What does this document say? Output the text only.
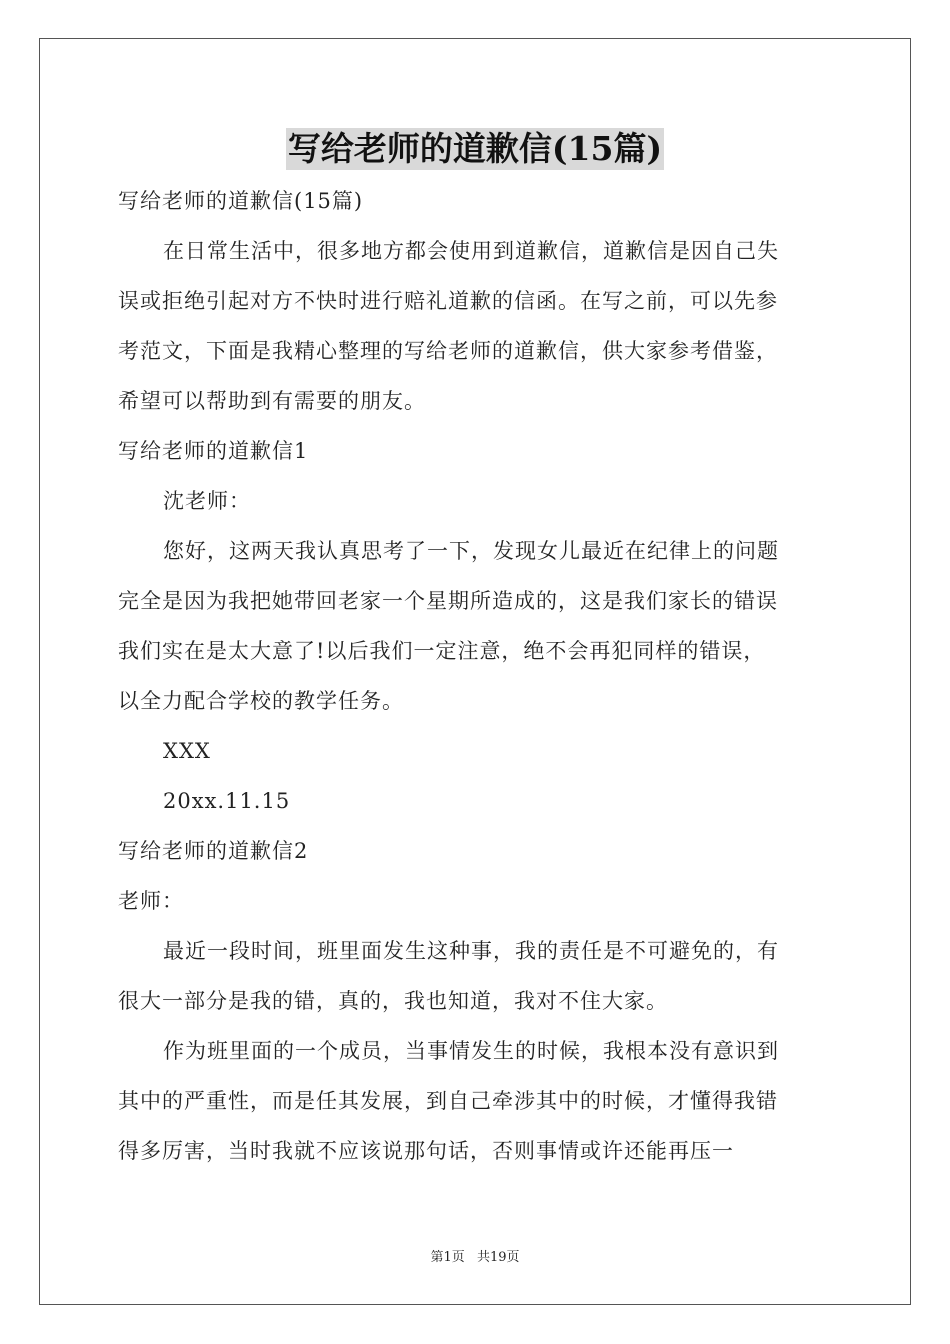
写给老师的道歉信(15篇)
写给老师的道歉信(15篇)
在日常生活中，很多地方都会使用到道歉信，道歉信是因自己失
误或拒绝引起对方不快时进行赔礼道歉的信函。在写之前，可以先参
考范文，下面是我精心整理的写给老师的道歉信，供大家参考借鉴，
希望可以帮助到有需要的朋友。
写给老师的道歉信1
沈老师：
您好，这两天我认真思考了一下，发现女儿最近在纪律上的问题
完全是因为我把她带回老家一个星期所造成的，这是我们家长的错误
我们实在是太大意了!以后我们一定注意，绝不会再犯同样的错误，
以全力配合学校的教学任务。
XXX
20xx.11.15
写给老师的道歉信2
老师：
最近一段时间，班里面发生这种事，我的责任是不可避免的，有
很大一部分是我的错，真的，我也知道，我对不住大家。
作为班里面的一个成员，当事情发生的时候，我根本没有意识到
其中的严重性，而是任其发展，到自己牵涉其中的时候，才懂得我错
得多厉害，当时我就不应该说那句话，否则事情或许还能再压一
第1页 共19页
